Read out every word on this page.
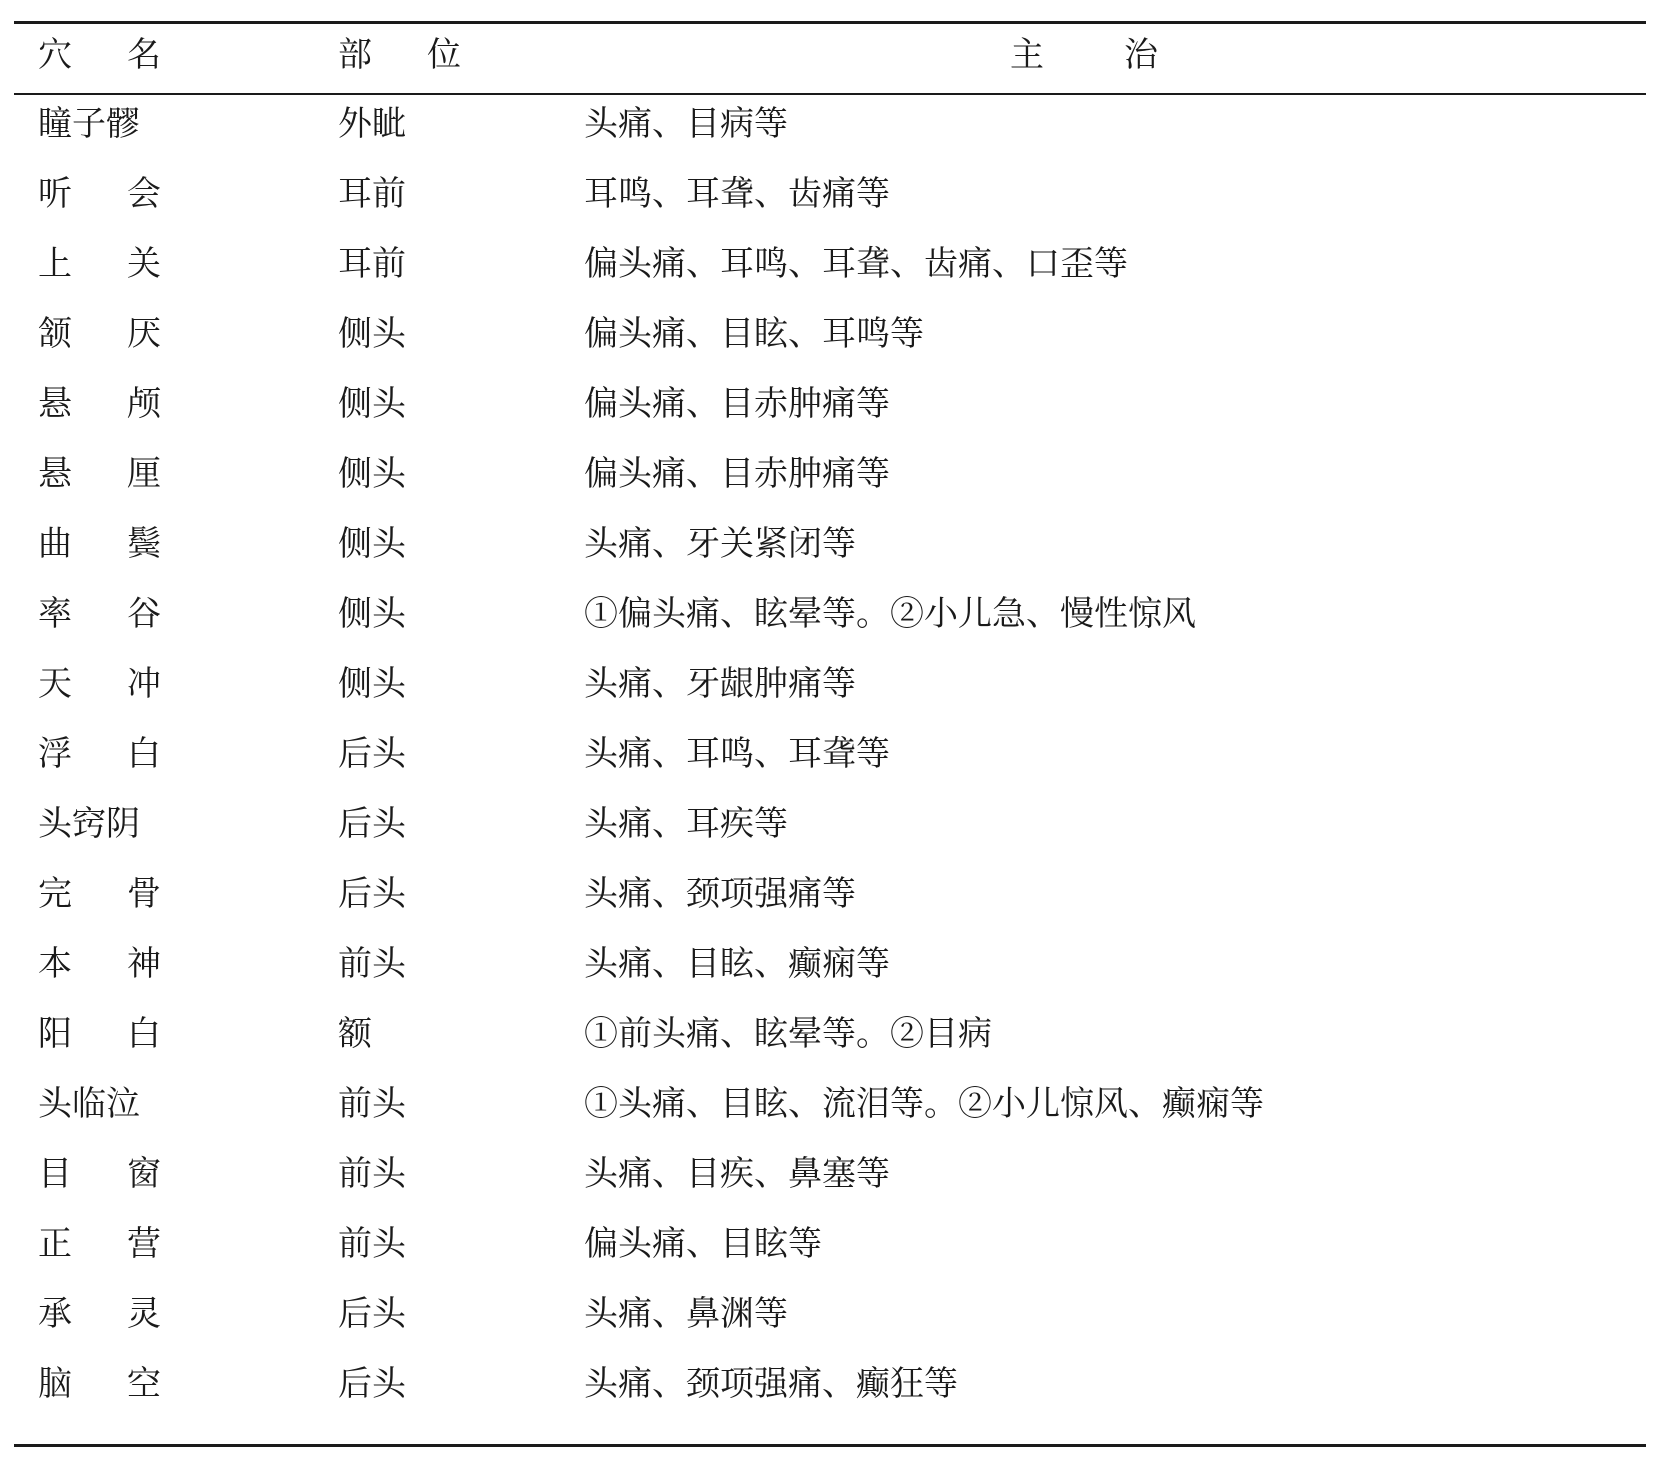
穴名	部位	主治
瞳子髎	外眦	头痛、目病等
听会	耳前	耳鸣、耳聋、齿痛等
上关	耳前	偏头痛、耳鸣、耳聋、齿痛、口歪等
颔厌	侧头	偏头痛、目眩、耳鸣等
悬颅	侧头	偏头痛、目赤肿痛等
悬厘	侧头	偏头痛、目赤肿痛等
曲鬓	侧头	头痛、牙关紧闭等
率谷	侧头	①偏头痛、眩晕等。②小儿急、慢性惊风
天冲	侧头	头痛、牙龈肿痛等
浮白	后头	头痛、耳鸣、耳聋等
头窍阴	后头	头痛、耳疾等
完骨	后头	头痛、颈项强痛等
本神	前头	头痛、目眩、癫痫等
阳白	额	①前头痛、眩晕等。②目病
头临泣	前头	①头痛、目眩、流泪等。②小儿惊风、癫痫等
目窗	前头	头痛、目疾、鼻塞等
正营	前头	偏头痛、目眩等
承灵	后头	头痛、鼻渊等
脑空	后头	头痛、颈项强痛、癫狂等
